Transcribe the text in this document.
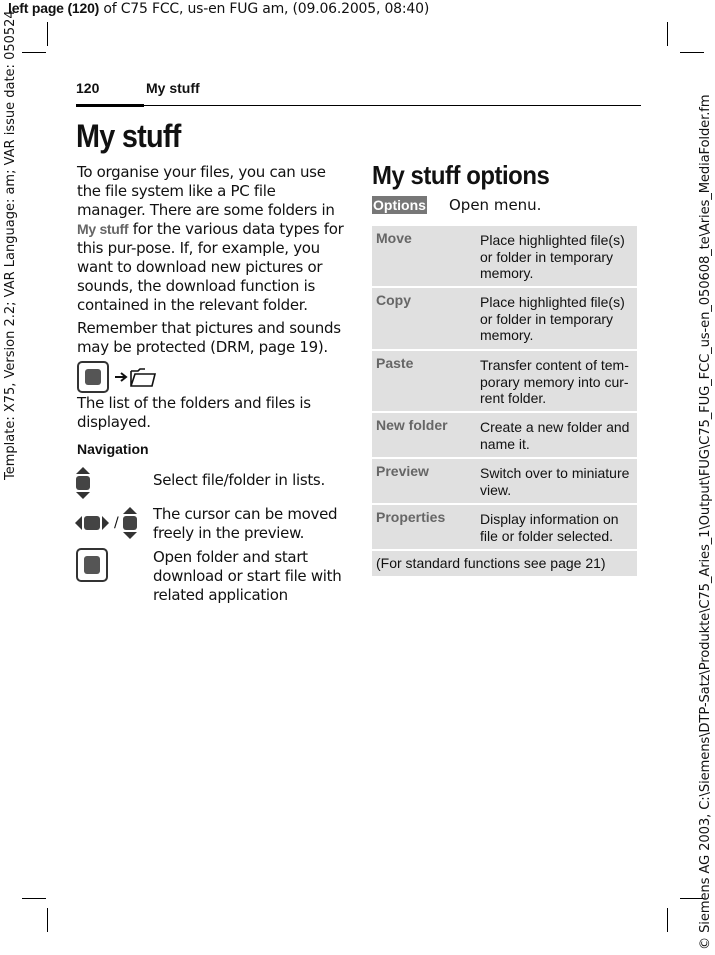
left page (120) of C75 FCC, us-en FUG am, (09.06.2005, 08:40)
Template: X75, Version 2.2; VAR Language: am; VAR issue date: 050524	© Siemens AG 2003, C:\Siemens\DTP-Satz\Produkte\C75_Aries_1\Output\FUG\C75_FUG_FCC_us-en_050608_te\Aries_MediaFolder.fm
120	My stuff
My stuff
To organise your files, you can use the file system like a PC file manager. There are some folders in My stuff for the various data types for this pur-pose. If, for example, you want to download new pictures or sounds, the download function is contained in the relevant folder.
Remember that pictures and sounds may be protected (DRM, page 19).
The list of the folders and files is displayed.
Navigation
Select file/folder in lists.
/ The cursor can be moved freely in the preview.
Open folder and start download or start file with related application
My stuff options
Options Open menu.
Move	Place highlighted file(s) or folder in temporary memory.
Copy	Place highlighted file(s) or folder in temporary memory.
Paste	Transfer content of tem-porary memory into cur-rent folder.
New folder Create a new folder and name it.
Preview	Switch over to miniature view.
Properties Display information on file or folder selected.
(For standard functions see page 21)
